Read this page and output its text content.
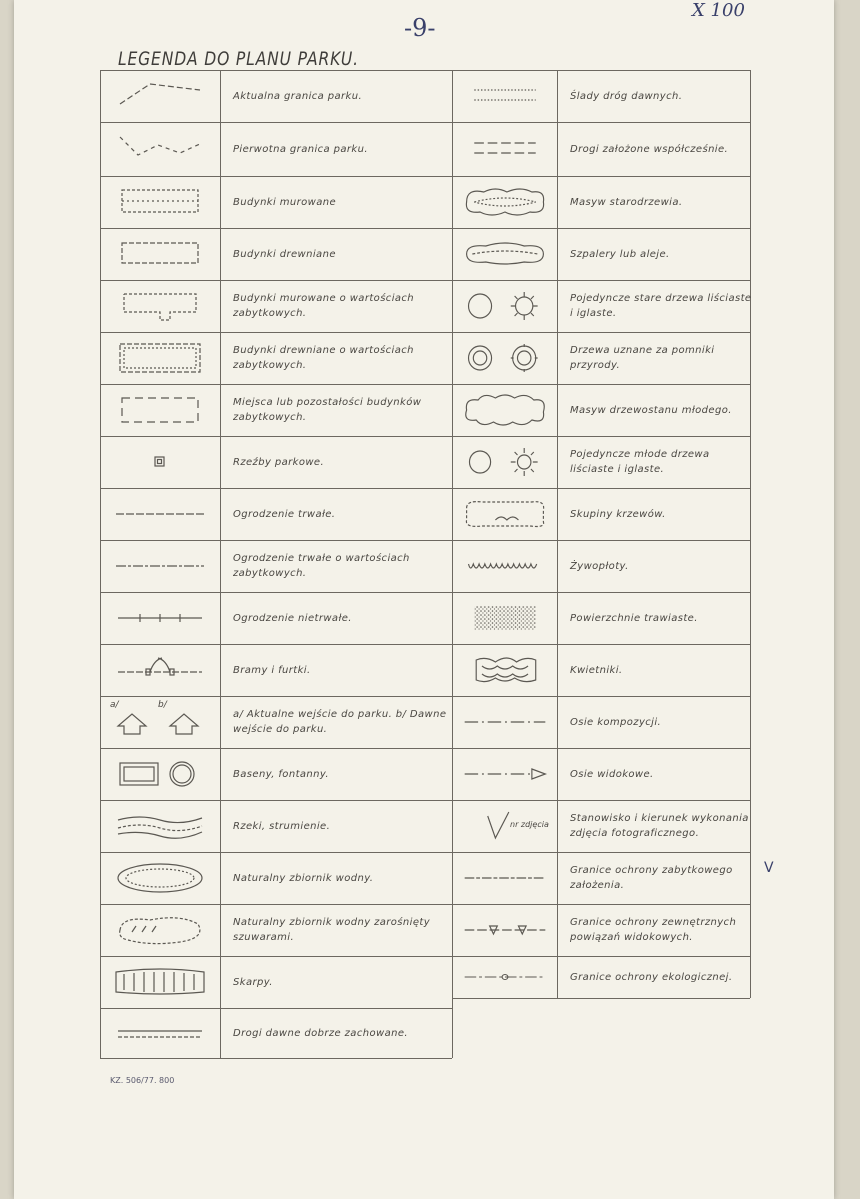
-9-
X 100
LEGENDA DO PLANU PARKU.
Aktualna granica parku.
Pierwotna granica parku.
Budynki murowane
Budynki drewniane
Budynki murowane o wartościach zabytkowych.
Budynki drewniane o wartościach zabytkowych.
Miejsca lub pozostałości budynków zabytkowych.
Rzeźby parkowe.
Ogrodzenie trwałe.
Ogrodzenie trwałe o wartościach zabytkowych.
Ogrodzenie nietrwałe.
Bramy i furtki.
a/	b/
a/ Aktualne wejście do parku. b/ Dawne wejście do parku.
Baseny, fontanny.
Rzeki, strumienie.
Naturalny zbiornik wodny.
Naturalny zbiornik wodny zarośnięty szuwarami.
Skarpy.
Drogi dawne dobrze zachowane.
Ślady dróg dawnych.
Drogi założone współcześnie.
Masyw starodrzewia.
Szpalery lub aleje.
Pojedyncze stare drzewa liściaste i iglaste.
Drzewa uznane za pomniki przyrody.
Masyw drzewostanu młodego.
Pojedyncze młode drzewa liściaste i iglaste.
Skupiny krzewów.
Żywopłoty.
Powierzchnie trawiaste.
Kwietniki.
Osie kompozycji.
Osie widokowe.
nr zdjęcia
Stanowisko i kierunek wykonania zdjęcia fotograficznego.
Granice ochrony zabytkowego założenia.
Granice ochrony zewnętrznych powiązań widokowych.
Granice ochrony ekologicznej.
V
KZ. 506/77. 800
